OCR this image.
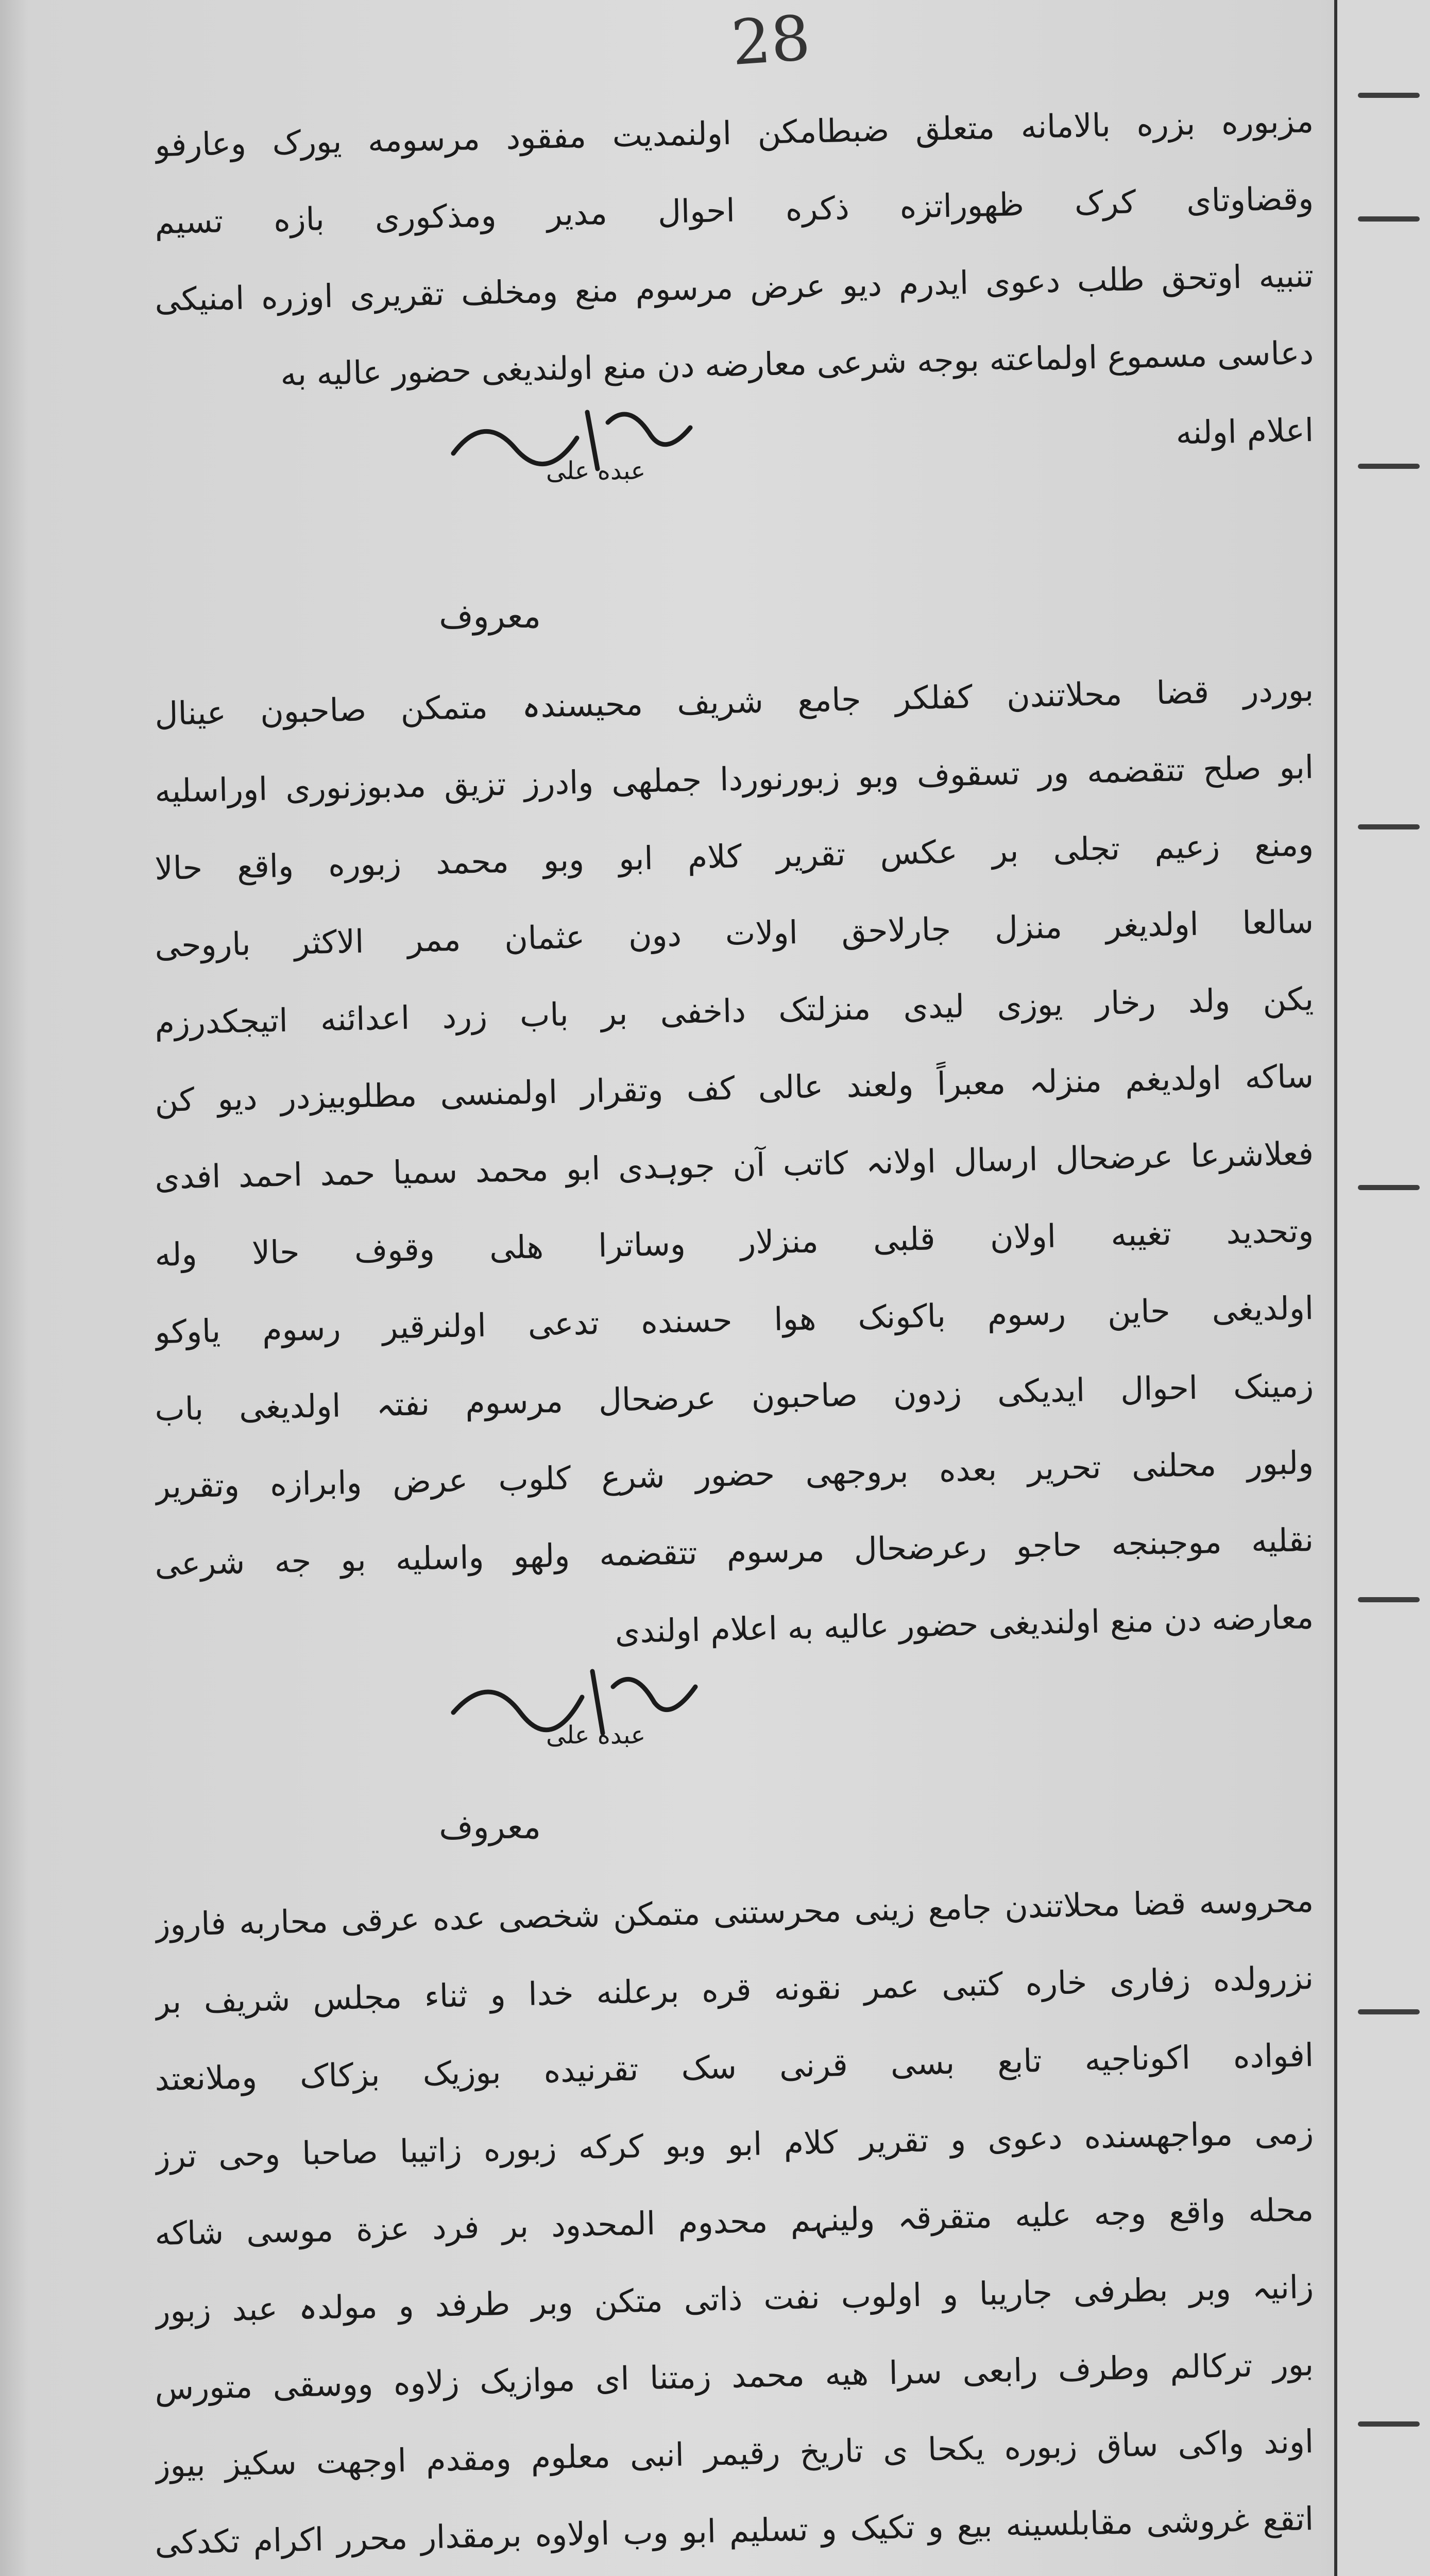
28
مزبوره بزره بالامانه متعلق ضبطامکن اولنمدیت مفقود مرسومه یورک وعارفو
وقضاوتای کرک ظهوراتزه ذکره احوال مدیر ومذکوری بازه تسیم
تنبیه اوتحق طلب دعوی ایدرم دیو عرض مرسوم منع ومخلف تقریری اوزره امنیکی
دعاسی مسموع اولماعته بوجه شرعی معارضه دن منع اولندیغی حضور عالیه به
اعلام اولنه
عبده علی
معروف
بوردر قضا محلاتندن کفلکر جامع شریف محیسندہ متمکن صاحبون عینال
ابو صلح تتقضمه ور تسقوف وبو زبورنوردا جملهی وادرز تزیق مدبوزنوری اوراسلیه
ومنع زعیم تجلی بر عکس تقریر کلام ابو وبو محمد زبوره واقع حالا
سالعا اولدیغر منزل جارلاحق اولات دون عثمان ممر الاکثر باروحی
یکن ولد رخار یوزی لیدی منزلتک داخفی بر باب زرد اعدائنه اتیجکدرزم
ساکه اولدیغم منزلہ معبراً ولعند عالی کف وتقرار اولمنسی مطلوبیزدر دیو کن
فعلاشرعا عرضحال ارسال اولانہ کاتب آن جوہدی ابو محمد سمیا حمد احمد افدی
وتحدید تغیبه اولان قلبی منزلار وساترا هلی وقوف حالا وله
اولدیغی حاین رسوم باکونک هوا حسنده تدعی اولنرقیر رسوم یاوکو
زمینک احوال ایدیکی زدون صاحبون عرضحال مرسوم نفتہ اولدیغی باب
ولبور محلنی تحریر بعده بروجهی حضور شرع کلوب عرض وابرازه وتقریر
نقلیه موجبنجه حاجو رعرضحال مرسوم تتقضمه ولهو واسلیه بو جه شرعی
معارضه دن منع اولندیغی حضور عالیه به اعلام اولندی
عبده علی
معروف
محروسه قضا محلاتندن جامع زینی محرستنی متمکن شخصی عده عرقی محاربه فاروز
نزرولده زفاری خاره کتبی عمر نقونه قره برعلنه خدا و ثناء مجلس شریف بر
افواده اکوناجیه تابع بسی قرنی سک تقرنیده بوزیک بزکاک وملانعتد
زمی مواجهسنده دعوی و تقریر کلام ابو وبو کرکه زبوره زاتیبا صاحبا وحی ترز
محله واقع وجه علیه متقرقہ ولینہم محدوم المحدود بر فرد عزة موسی شاکه
زانیہ وبر بطرفی جاریبا و اولوب نفت ذاتی متکن وبر طرفد و مولدہ عبد زبور
بور ترکالم وطرف رابعی سرا هیه محمد زمتنا ای موازیک زلاوه ووسقی متورس
اوند واکی ساق زبوره یکحا ی تاریخ رقیمر انبی معلوم ومقدم اوجهت سکیز بیوز
اتقع غروشی مقابلسینه بیع و تکیک و تسلیم ابو وب اولاوه برمقدار محرر اکرام تکدکی
